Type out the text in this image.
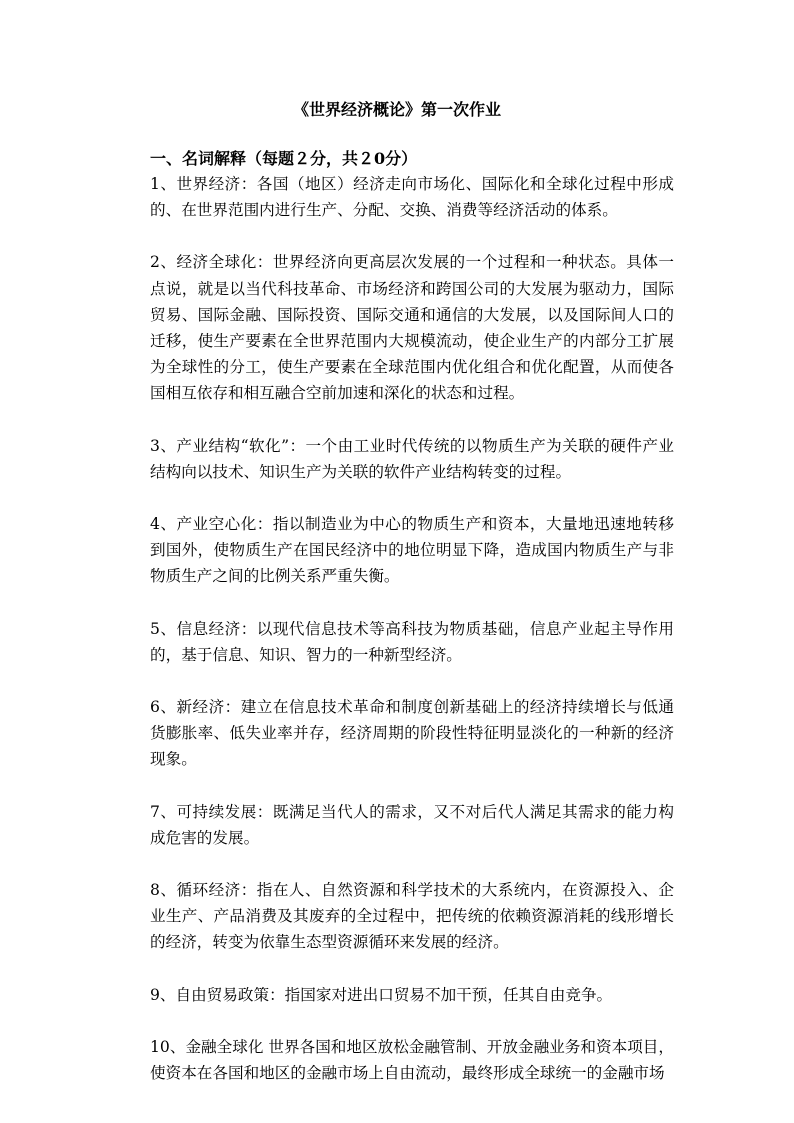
《世界经济概论》第一次作业
一、名词解释（每题２分，共２0分）

1、世界经济：各国（地区）经济走向市场化、国际化和全球化过程中形成的、在世界范围内进行生产、分配、交换、消费等经济活动的体系。

2、经济全球化：世界经济向更高层次发展的一个过程和一种状态。具体一点说，就是以当代科技革命、市场经济和跨国公司的大发展为驱动力，国际贸易、国际金融、国际投资、国际交通和通信的大发展，以及国际间人口的迁移，使生产要素在全世界范围内大规模流动，使企业生产的内部分工扩展为全球性的分工，使生产要素在全球范围内优化组合和优化配置，从而使各国相互依存和相互融合空前加速和深化的状态和过程。

3、产业结构“软化”：一个由工业时代传统的以物质生产为关联的硬件产业结构向以技术、知识生产为关联的软件产业结构转变的过程。

4、产业空心化：指以制造业为中心的物质生产和资本，大量地迅速地转移到国外，使物质生产在国民经济中的地位明显下降，造成国内物质生产与非物质生产之间的比例关系严重失衡。

5、信息经济：以现代信息技术等高科技为物质基础，信息产业起主导作用的，基于信息、知识、智力的一种新型经济。

6、新经济：建立在信息技术革命和制度创新基础上的经济持续增长与低通货膨胀率、低失业率并存，经济周期的阶段性特征明显淡化的一种新的经济现象。

7、可持续发展：既满足当代人的需求，又不对后代人满足其需求的能力构成危害的发展。

8、循环经济：指在人、自然资源和科学技术的大系统内，在资源投入、企业生产、产品消费及其废弃的全过程中，把传统的依赖资源消耗的线形增长的经济，转变为依靠生态型资源循环来发展的经济。

9、自由贸易政策：指国家对进出口贸易不加干预，任其自由竞争。

10、金融全球化 世界各国和地区放松金融管制、开放金融业务和资本项目，使资本在各国和地区的金融市场上自由流动，最终形成全球统一的金融市场
